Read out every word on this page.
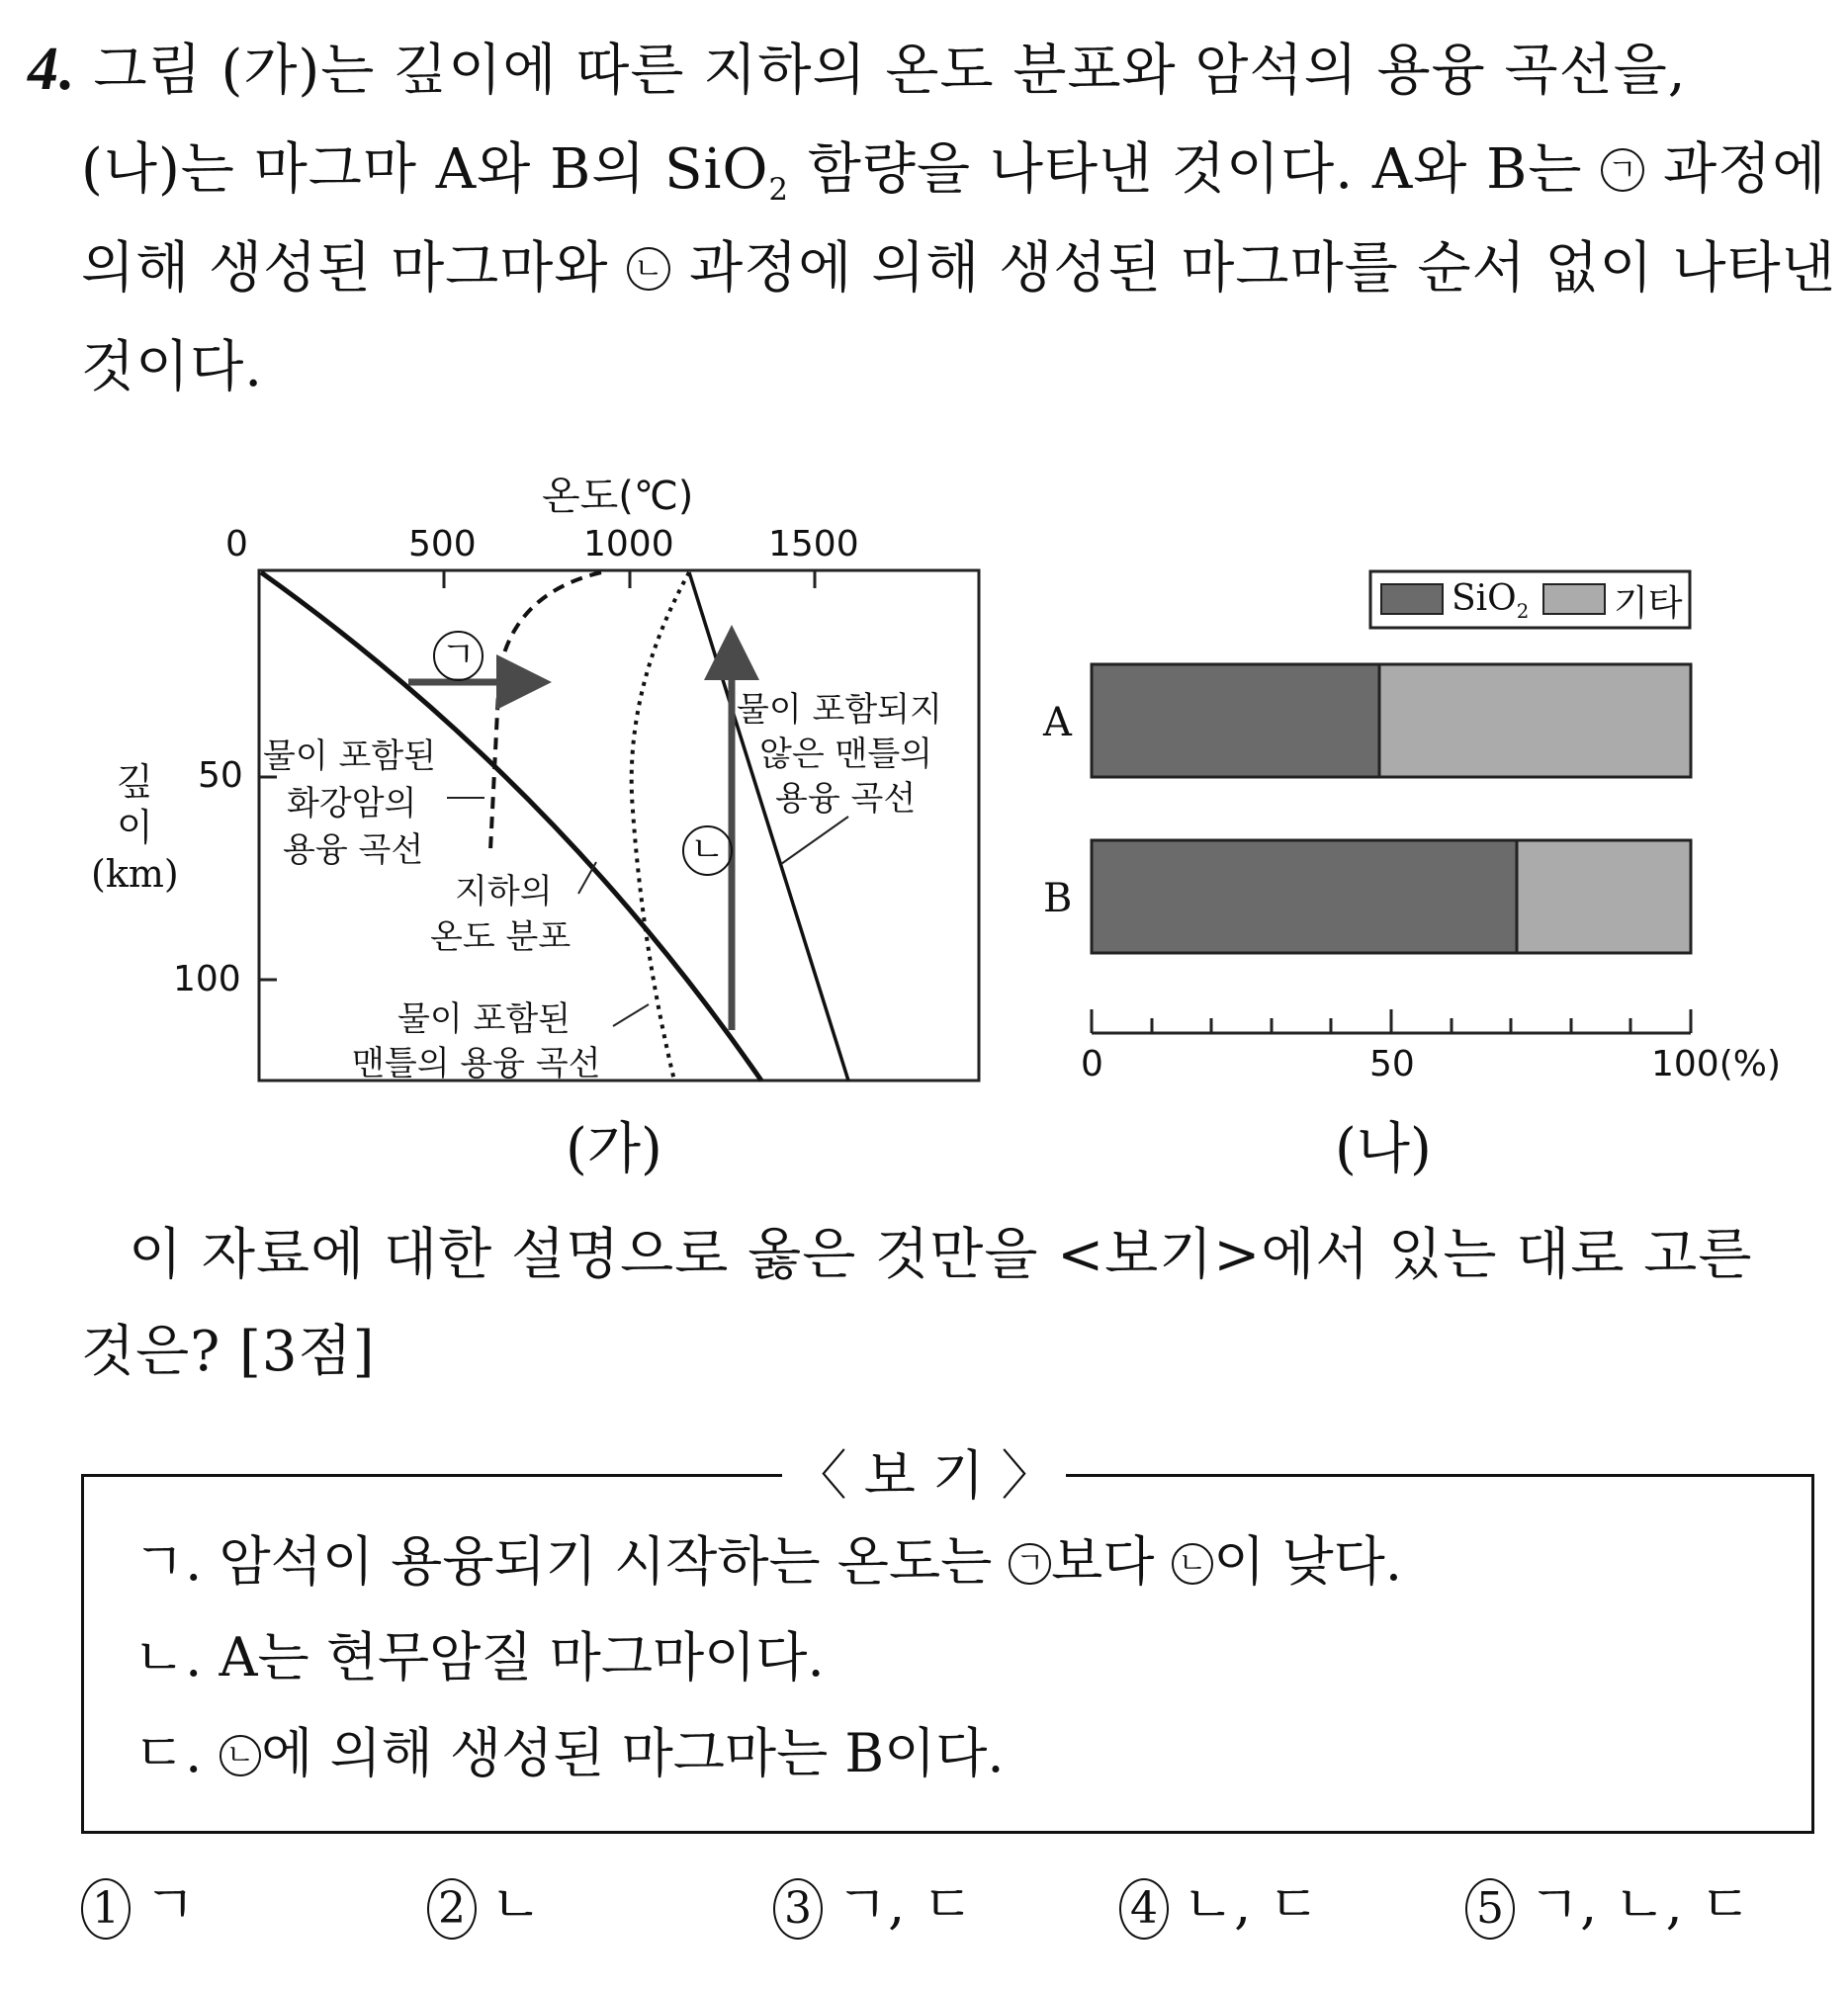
4. 그림 (가)는 깊이에 따른 지하의 온도 분포와 암석의 용융 곡선을,
(나)는 마그마 A와 B의 SiO$_2$ 함량을 나타낸 것이다. A와 B는 ㄱ 과정에
의해 생성된 마그마와 ㄴ 과정에 의해 생성된 마그마를 순서 없이 나타낸
것이다.
온도(℃)
0	500	1000	1500
깊
이
(km)
50
100
ㄱ
ㄴ
물이 포함된
화강암의
용융 곡선
지하의
온도 분포
물이 포함된
맨틀의 용융 곡선
물이 포함되지
않은 맨틀의
용융 곡선
(가)
SiO$_2$ 기타
A
B
0	50	100(%)
(나)
이 자료에 대한 설명으로 옳은 것만을 <보기>에서 있는 대로 고른
것은? [3점]
〈 보 기 〉
ㄱ. 암석이 용융되기 시작하는 온도는 ㄱ 보다 ㄴ 이 낮다.
ㄴ. A는 현무암질 마그마이다.
ㄷ. ㄴ 에 의해 생성된 마그마는 B이다.
1 ㄱ	2 ㄴ	3 ㄱ, ㄷ	4 ㄴ, ㄷ	5 ㄱ, ㄴ, ㄷ
